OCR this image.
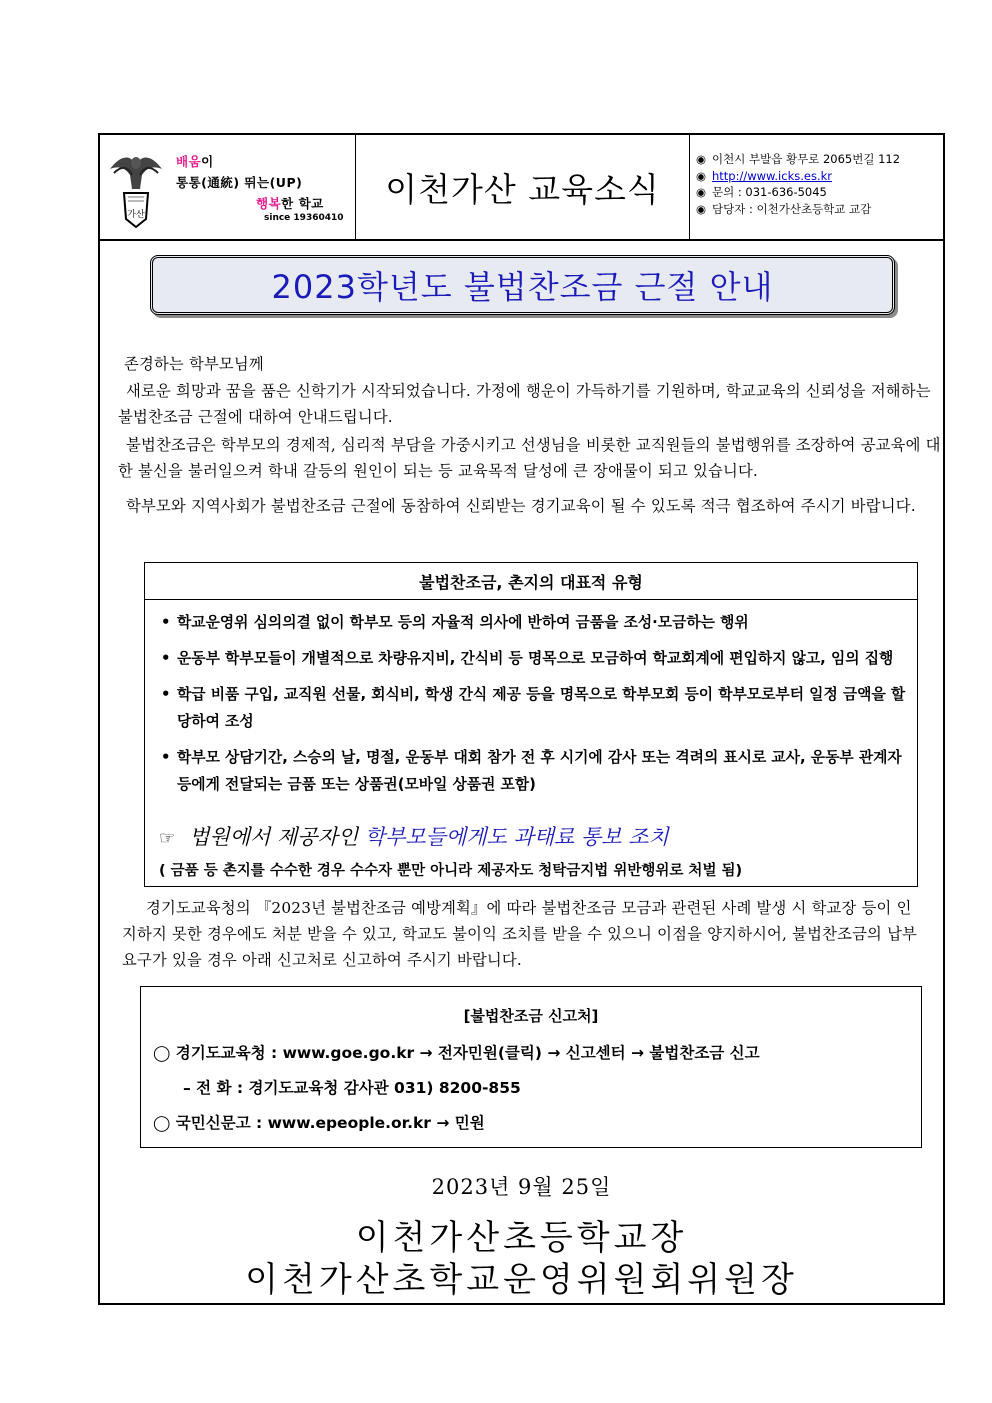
가산
배움이
통통(通統) 뛰는(UP)
행복한 학교
since 19360410
이천가산 교육소식
◉ 이천시 부발읍 황무로 2065번길 112
◉ http://www.icks.es.kr
◉ 문의 : 031-636-5045
◉ 담당자 : 이천가산초등학교 교감
2023학년도 불법찬조금 근절 안내
존경하는 학부모님께
새로운 희망과 꿈을 품은 신학기가 시작되었습니다. 가정에 행운이 가득하기를 기원하며, 학교교육의 신뢰성을 저해하는 불법찬조금 근절에 대하여 안내드립니다.
불법찬조금은 학부모의 경제적, 심리적 부담을 가중시키고 선생님을 비롯한 교직원들의 불법행위를 조장하여 공교육에 대한 불신을 불러일으켜 학내 갈등의 원인이 되는 등 교육목적 달성에 큰 장애물이 되고 있습니다.
학부모와 지역사회가 불법찬조금 근절에 동참하여 신뢰받는 경기교육이 될 수 있도록 적극 협조하여 주시기 바랍니다.
불법찬조금, 촌지의 대표적 유형
• 학교운영위 심의의결 없이 학부모 등의 자율적 의사에 반하여 금품을 조성·모금하는 행위
• 운동부 학부모들이 개별적으로 차량유지비, 간식비 등 명목으로 모금하여 학교회계에 편입하지 않고, 임의 집행
• 학급 비품 구입, 교직원 선물, 회식비, 학생 간식 제공 등을 명목으로 학부모회 등이 학부모로부터 일정 금액을 할당하여 조성
• 학부모 상담기간, 스승의 날, 명절, 운동부 대회 참가 전 후 시기에 감사 또는 격려의 표시로 교사, 운동부 관계자 등에게 전달되는 금품 또는 상품권(모바일 상품권 포함)
☞ 법원에서 제공자인 학부모들에게도 과태료 통보 조치
( 금품 등 촌지를 수수한 경우 수수자 뿐만 아니라 제공자도 청탁금지법 위반행위로 처벌 됨)
경기도교육청의 『2023년 불법찬조금 예방계획』에 따라 불법찬조금 모금과 관련된 사례 발생 시 학교장 등이 인지하지 못한 경우에도 처분 받을 수 있고, 학교도 불이익 조치를 받을 수 있으니 이점을 양지하시어, 불법찬조금의 납부요구가 있을 경우 아래 신고처로 신고하여 주시기 바랍니다.
[불법찬조금 신고처]
◯ 경기도교육청 : www.goe.go.kr → 전자민원(클릭) → 신고센터 → 불법찬조금 신고
– 전 화 : 경기도교육청 감사관 031) 8200-855
◯ 국민신문고 : www.epeople.or.kr → 민원
2023년 9월 25일
이천가산초등학교장
이천가산초학교운영위원회위원장
